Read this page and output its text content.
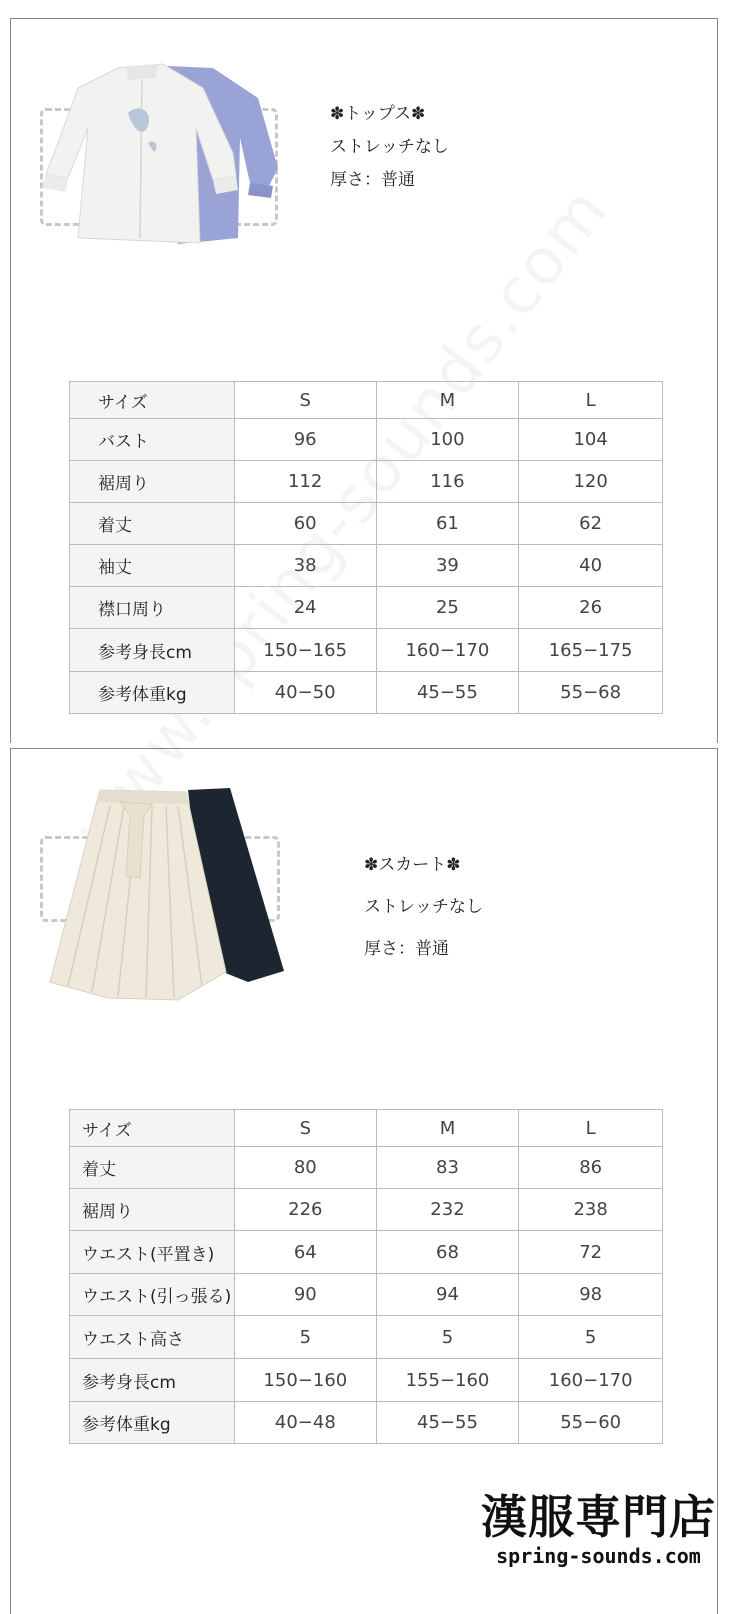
✽トップス✽
ストレッチなし
厚さ：普通
サイズ	S	M	L
バスト	96	100	104
裾周り	112	116	120
着丈	60	61	62
袖丈	38	39	40
襟口周り	24	25	26
参考身長cm	150−165	160−170	165−175
参考体重kg	40−50	45−55	55−68
✽スカート✽
ストレッチなし
厚さ：普通
サイズ	S	M	L
着丈	80	83	86
裾周り	226	232	238
ウエスト(平置き)	64	68	72
ウエスト(引っ張る)	90	94	98
ウエスト高さ	5	5	5
参考身長cm	150−160	155−160	160−170
参考体重kg	40−48	45−55	55−60
漢服専門店
spring-sounds.com
